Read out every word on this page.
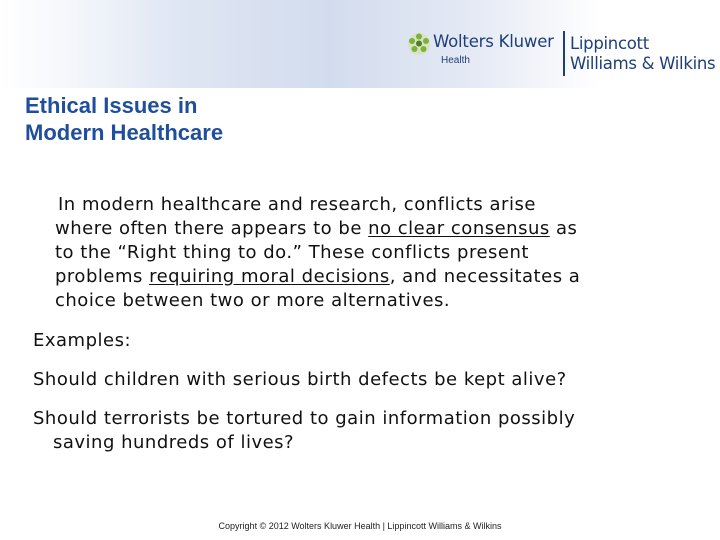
Wolters Kluwer
Health
Lippincott
Williams & Wilkins
Ethical Issues in
Modern Healthcare

In modern healthcare and research, conflicts arise
where often there appears to be no clear consensus as
to the “Right thing to do.” These conflicts present
problems requiring moral decisions, and necessitates a
choice between two or more alternatives.

Examples:

Should children with serious birth defects be kept alive?

Should terrorists be tortured to gain information possibly
saving hundreds of lives?

Copyright © 2012 Wolters Kluwer Health | Lippincott Williams & Wilkins
